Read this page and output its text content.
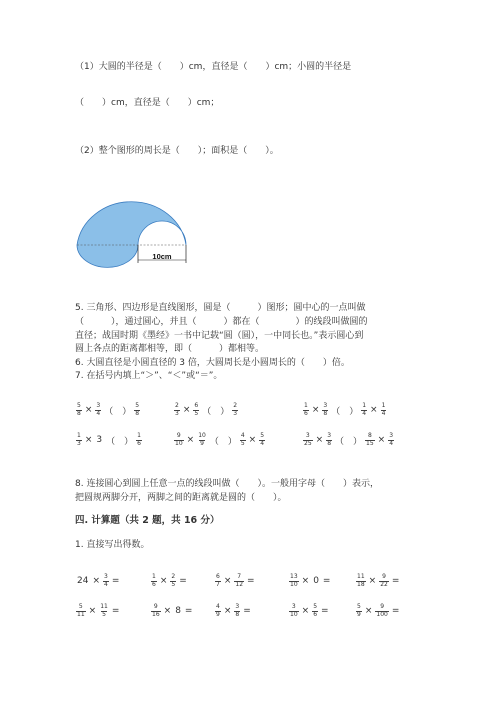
（1）大圆的半径是（　　）cm，直径是（　　）cm；小圆的半径是
（　　）cm，直径是（　　）cm；
（2）整个图形的周长是（　　）；面积是（　　）。
10cm
5. 三角形、四边形是直线图形，圆是（　　　）图形；圆中心的一点叫做
（　　　），通过圆心，并且（　　　）都在（　　　　）的线段叫做圆的
直径；战国时期《墨经》一书中记载“圆（圆），一中同长也。”表示圆心到
圆上各点的距离都相等，即（　　　）都相等。
6. 大圆直径是小圆直径的 3 倍，大圆周长是小圆周长的（　　）倍。
7. 在括号内填上“＞”、“＜”或“＝”。
$\frac{5}{8} \times \frac{3}{4}$ （　） $\frac{5}{8}$	$\frac{2}{3} \times \frac{6}{5}$ （　） $\frac{2}{3}$	$\frac{1}{6} \times \frac{3}{8}$ （　） $\frac{1}{4} \times \frac{1}{4}$
$\frac{1}{3} \times 3$ （　） $\frac{1}{6}$	$\frac{9}{10} \times \frac{10}{9}$ （　） $\frac{4}{5} \times \frac{5}{4}$	$\frac{3}{25} \times \frac{3}{8}$ （　） $\frac{8}{15} \times \frac{3}{4}$
8. 连接圆心到圆上任意一点的线段叫做（　　）。一般用字母（　　）表示，
把圆规两脚分开，两脚之间的距离就是圆的（　　）。
四. 计算题（共 2 题，共 16 分）
1. 直接写出得数。
$24 \times \frac{3}{4}$ =	$\frac{1}{6} \times \frac{2}{5}$ =	$\frac{6}{7} \times \frac{7}{12}$ =	$\frac{13}{10} \times 0$ =	$\frac{11}{18} \times \frac{9}{22}$ =
$\frac{5}{11} \times \frac{11}{5}$ =	$\frac{9}{16} \times 8$ =	$\frac{4}{9} \times \frac{3}{8}$ =	$\frac{3}{10} \times \frac{5}{6}$ =	$\frac{5}{9} \times \frac{9}{100}$ =
